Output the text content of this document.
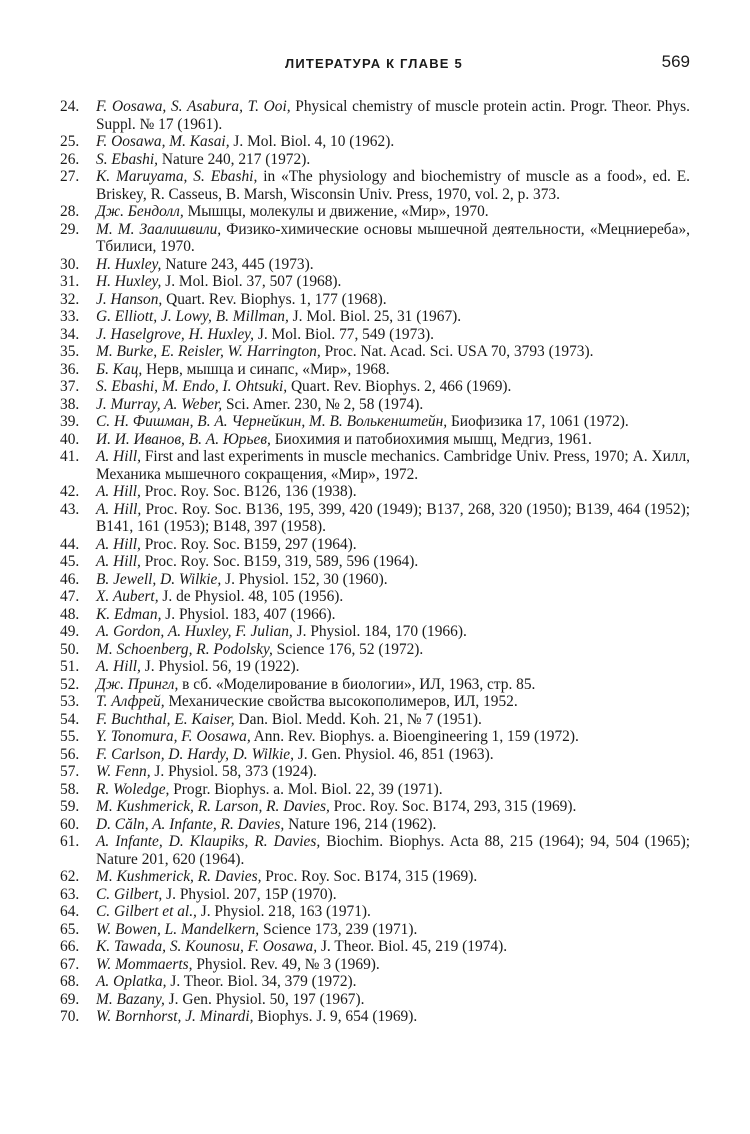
ЛИТЕРАТУРА К ГЛАВЕ 5	569
24.	F. Oosawa, S. Asabura, T. Ooi, Physical chemistry of muscle protein actin. Progr. Theor. Phys. Suppl. № 17 (1961).
25.	F. Oosawa, M. Kasai, J. Mol. Biol. 4, 10 (1962).
26.	S. Ebashi, Nature 240, 217 (1972).
27.	K. Maruyama, S. Ebashi, in «The physiology and biochemistry of muscle as a food», ed. E. Briskey, R. Casseus, B. Marsh, Wisconsin Univ. Press, 1970, vol. 2, p. 373.
28.	Дж. Бендолл, Мышцы, молекулы и движение, «Мир», 1970.
29.	М. М. Заалишвили, Физико-химические основы мышечной деятельности, «Мецниереба», Тбилиси, 1970.
30.	H. Huxley, Nature 243, 445 (1973).
31.	H. Huxley, J. Mol. Biol. 37, 507 (1968).
32.	J. Hanson, Quart. Rev. Biophys. 1, 177 (1968).
33.	G. Elliott, J. Lowy, B. Millman, J. Mol. Biol. 25, 31 (1967).
34.	J. Haselgrove, H. Huxley, J. Mol. Biol. 77, 549 (1973).
35.	M. Burke, E. Reisler, W. Harrington, Proc. Nat. Acad. Sci. USA 70, 3793 (1973).
36.	Б. Кац, Нерв, мышца и синапс, «Мир», 1968.
37.	S. Ebashi, M. Endo, I. Ohtsuki, Quart. Rev. Biophys. 2, 466 (1969).
38.	J. Murray, A. Weber, Sci. Amer. 230, № 2, 58 (1974).
39.	С. Н. Фишман, В. А. Чернейкин, М. В. Волькенштейн, Биофизика 17, 1061 (1972).
40.	И. И. Иванов, В. А. Юрьев, Биохимия и патобиохимия мышц, Медгиз, 1961.
41.	A. Hill, First and last experiments in muscle mechanics. Cambridge Univ. Press, 1970; А. Хилл, Механика мышечного сокращения, «Мир», 1972.
42.	A. Hill, Proc. Roy. Soc. B126, 136 (1938).
43.	A. Hill, Proc. Roy. Soc. B136, 195, 399, 420 (1949); B137, 268, 320 (1950); B139, 464 (1952); B141, 161 (1953); B148, 397 (1958).
44.	A. Hill, Proc. Roy. Soc. B159, 297 (1964).
45.	A. Hill, Proc. Roy. Soc. B159, 319, 589, 596 (1964).
46.	B. Jewell, D. Wilkie, J. Physiol. 152, 30 (1960).
47.	X. Aubert, J. de Physiol. 48, 105 (1956).
48.	K. Edman, J. Physiol. 183, 407 (1966).
49.	A. Gordon, A. Huxley, F. Julian, J. Physiol. 184, 170 (1966).
50.	M. Schoenberg, R. Podolsky, Science 176, 52 (1972).
51.	A. Hill, J. Physiol. 56, 19 (1922).
52.	Дж. Прингл, в сб. «Моделирование в биологии», ИЛ, 1963, стр. 85.
53.	Т. Алфрей, Механические свойства высокополимеров, ИЛ, 1952.
54.	F. Buchthal, E. Kaiser, Dan. Biol. Medd. Koh. 21, № 7 (1951).
55.	Y. Tonomura, F. Oosawa, Ann. Rev. Biophys. a. Bioengineering 1, 159 (1972).
56.	F. Carlson, D. Hardy, D. Wilkie, J. Gen. Physiol. 46, 851 (1963).
57.	W. Fenn, J. Physiol. 58, 373 (1924).
58.	R. Woledge, Progr. Biophys. a. Mol. Biol. 22, 39 (1971).
59.	M. Kushmerick, R. Larson, R. Davies, Proc. Roy. Soc. B174, 293, 315 (1969).
60.	D. Căln, A. Infante, R. Davies, Nature 196, 214 (1962).
61.	A. Infante, D. Klaupiks, R. Davies, Biochim. Biophys. Acta 88, 215 (1964); 94, 504 (1965); Nature 201, 620 (1964).
62.	M. Kushmerick, R. Davies, Proc. Roy. Soc. B174, 315 (1969).
63.	C. Gilbert, J. Physiol. 207, 15P (1970).
64.	C. Gilbert et al., J. Physiol. 218, 163 (1971).
65.	W. Bowen, L. Mandelkern, Science 173, 239 (1971).
66.	K. Tawada, S. Kounosu, F. Oosawa, J. Theor. Biol. 45, 219 (1974).
67.	W. Mommaerts, Physiol. Rev. 49, № 3 (1969).
68.	A. Oplatka, J. Theor. Biol. 34, 379 (1972).
69.	M. Bazany, J. Gen. Physiol. 50, 197 (1967).
70.	W. Bornhorst, J. Minardi, Biophys. J. 9, 654 (1969).
